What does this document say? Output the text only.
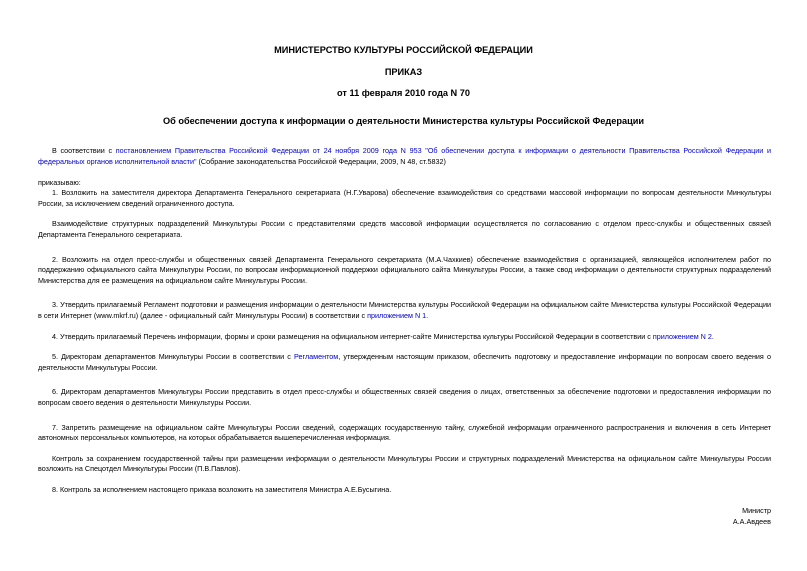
МИНИСТЕРСТВО КУЛЬТУРЫ РОССИЙСКОЙ ФЕДЕРАЦИИ
ПРИКАЗ
от 11 февраля 2010 года N 70
Об обеспечении доступа к информации о деятельности Министерства культуры Российской Федерации

В соответствии с постановлением Правительства Российской Федерации от 24 ноября 2009 года N 953 "Об обеспечении доступа к информации о деятельности Правительства Российской Федерации и федеральных органов исполнительной власти" (Собрание законодательства Российской Федерации, 2009, N 48, ст.5832)

приказываю:

1. Возложить на заместителя директора Департамента Генерального секретариата (Н.Г.Уварова) обеспечение взаимодействия со средствами массовой информации по вопросам деятельности Минкультуры России, за исключением сведений ограниченного доступа.

Взаимодействие структурных подразделений Минкультуры России с представителями средств массовой информации осуществляется по согласованию с отделом пресс-службы и общественных связей Департамента Генерального секретариата.

2. Возложить на отдел пресс-службы и общественных связей Департамента Генерального секретариата (М.А.Чахкиев) обеспечение взаимодействия с организацией, являющейся исполнителем работ по поддержанию официального сайта Минкультуры России, по вопросам информационной поддержки официального сайта Минкультуры России, а также свод информации о деятельности структурных подразделений Министерства для ее размещения на официальном сайте Минкультуры России.

3. Утвердить прилагаемый Регламент подготовки и размещения информации о деятельности Министерства культуры Российской Федерации на официальном сайте Министерства культуры Российской Федерации в сети Интернет (www.mkrf.ru) (далее - официальный сайт Минкультуры России) в соответствии с приложением N 1.

4. Утвердить прилагаемый Перечень информации, формы и сроки размещения на официальном интернет-сайте Министерства культуры Российской Федерации в соответствии с приложением N 2.

5. Директорам департаментов Минкультуры России в соответствии с Регламентом, утвержденным настоящим приказом, обеспечить подготовку и предоставление информации по вопросам своего ведения о деятельности Минкультуры России.

6. Директорам департаментов Минкультуры России представить в отдел пресс-службы и общественных связей сведения о лицах, ответственных за обеспечение подготовки и предоставления информации по вопросам своего ведения о деятельности Минкультуры России.

7. Запретить размещение на официальном сайте Минкультуры России сведений, содержащих государственную тайну, служебной информации ограниченного распространения и включения в сеть Интернет автономных персональных компьютеров, на которых обрабатывается вышеперечисленная информация.

Контроль за сохранением государственной тайны при размещении информации о деятельности Минкультуры России и структурных подразделений Министерства на официальном сайте Минкультуры России возложить на Спецотдел Минкультуры России (П.В.Павлов).

8. Контроль за исполнением настоящего приказа возложить на заместителя Министра А.Е.Бусыгина.

Министр
А.А.Авдеев
